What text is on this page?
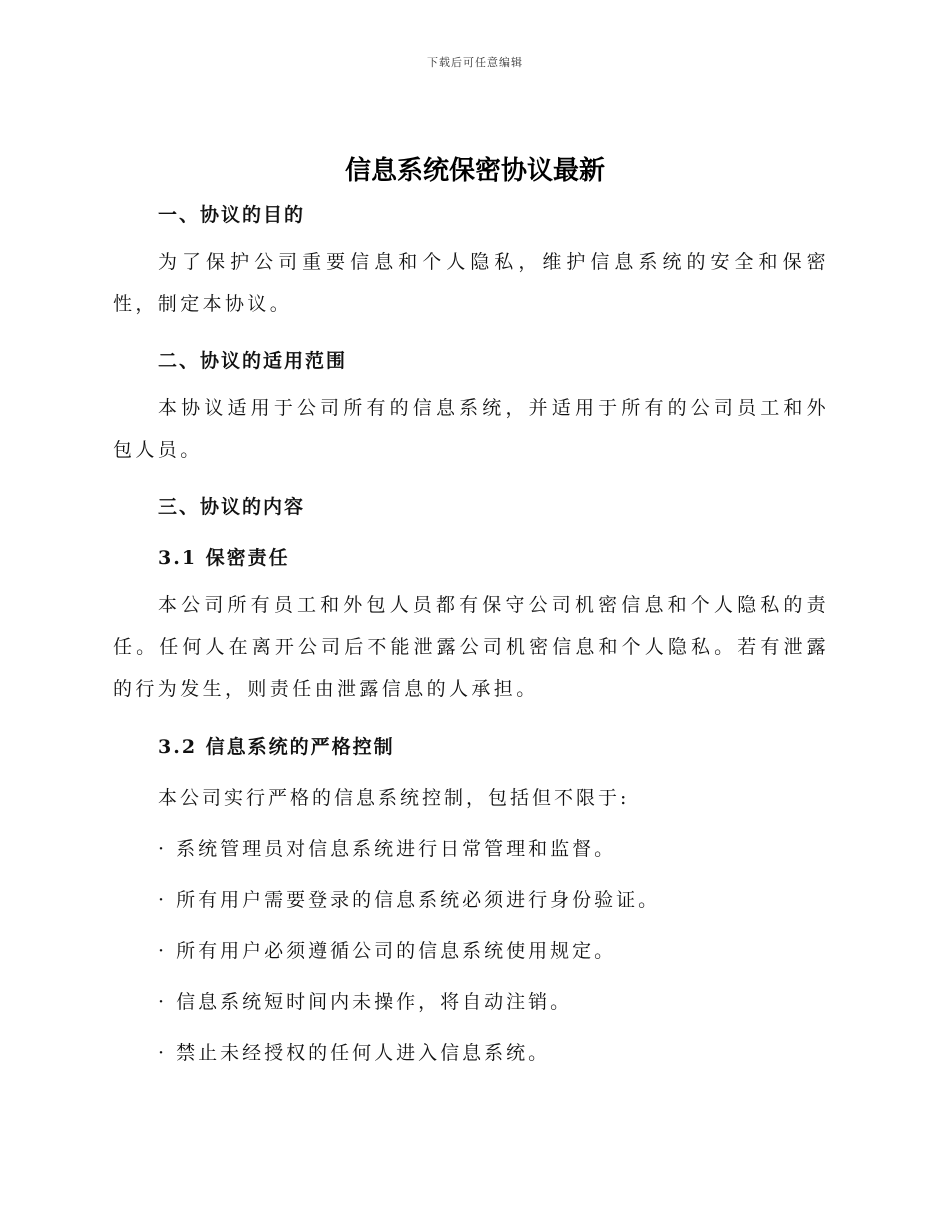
下载后可任意编辑
信息系统保密协议最新
一、协议的目的

为了保护公司重要信息和个人隐私，维护信息系统的安全和保密性，制定本协议。

二、协议的适用范围

本协议适用于公司所有的信息系统，并适用于所有的公司员工和外包人员。

三、协议的内容
3.1 保密责任

本公司所有员工和外包人员都有保守公司机密信息和个人隐私的责任。任何人在离开公司后不能泄露公司机密信息和个人隐私。若有泄露的行为发生，则责任由泄露信息的人承担。

3.2 信息系统的严格控制
本公司实行严格的信息系统控制，包括但不限于:
· 系统管理员对信息系统进行日常管理和监督。
· 所有用户需要登录的信息系统必须进行身份验证。
· 所有用户必须遵循公司的信息系统使用规定。
· 信息系统短时间内未操作，将自动注销。
· 禁止未经授权的任何人进入信息系统。
